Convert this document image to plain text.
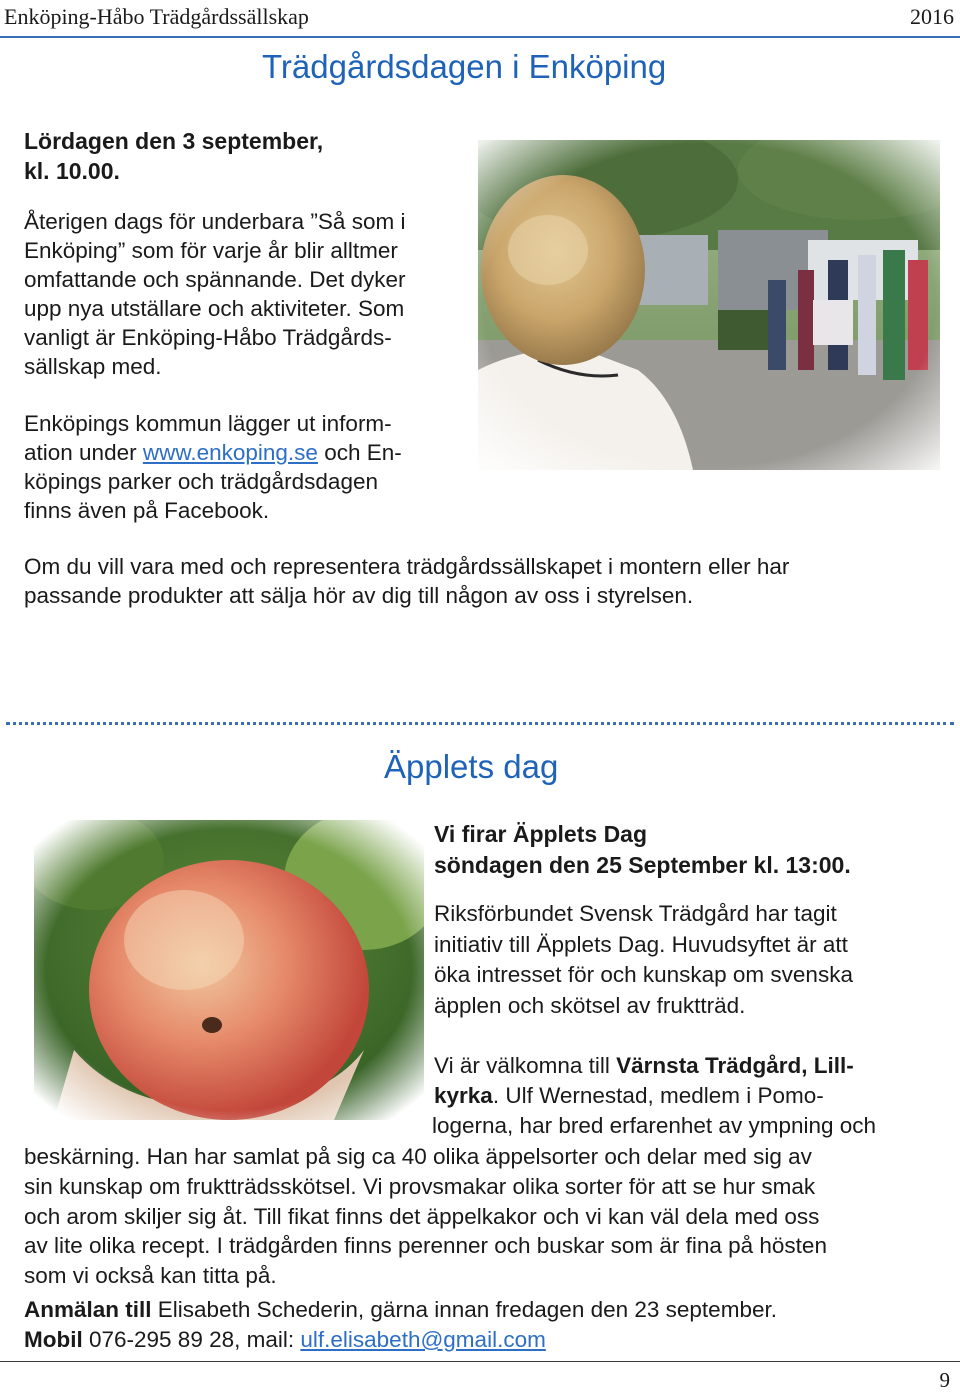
Enköping-Håbo Trädgårdssällskap	2016
Trädgårdsdagen i Enköping

Lördagen den 3 september,

kl. 10.00.

Återigen dags för underbara ”Så som i

Enköping” som för varje år blir alltmer

omfattande och spännande. Det dyker

upp nya utställare och aktiviteter. Som

vanligt är Enköping-Håbo Trädgårds-

sällskap med.

Enköpings kommun lägger ut inform-

ation under www.enkoping.se och En-

köpings parker och trädgårdsdagen

finns även på Facebook.

Om du vill vara med och representera trädgårdssällskapet i montern eller har

passande produkter att sälja hör av dig till någon av oss i styrelsen.

Äpplets dag

Vi firar Äpplets Dag

söndagen den 25 September kl. 13:00.

Riksförbundet Svensk Trädgård har tagit

initiativ till Äpplets Dag. Huvudsyftet är att

öka intresset för och kunskap om svenska

äpplen och skötsel av fruktträd.

Vi är välkomna till Värnsta Trädgård, Lill-
kyrka. Ulf Wernestad, medlem i Pomo-
logerna, har bred erfarenhet av ympning och

beskärning. Han har samlat på sig ca 40 olika äppelsorter och delar med sig av

sin kunskap om fruktträdsskötsel. Vi provsmakar olika sorter för att se hur smak

och arom skiljer sig åt. Till fikat finns det äppelkakor och vi kan väl dela med oss

av lite olika recept. I trädgården finns perenner och buskar som är fina på hösten

som vi också kan titta på.

Anmälan till Elisabeth Schederin, gärna innan fredagen den 23 september.
Mobil 076-295 89 28, mail: ulf.elisabeth@gmail.com
9
